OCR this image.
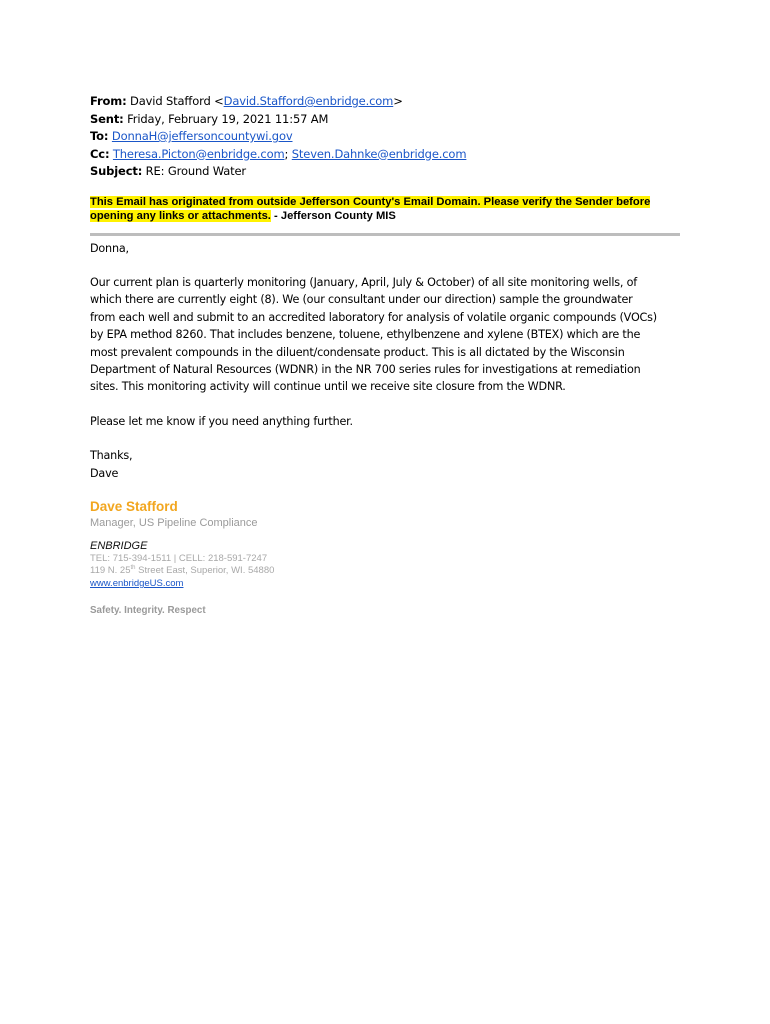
From: David Stafford <David.Stafford@enbridge.com>
Sent: Friday, February 19, 2021 11:57 AM
To: DonnaH@jeffersoncountywi.gov
Cc: Theresa.Picton@enbridge.com; Steven.Dahnke@enbridge.com
Subject: RE: Ground Water
This Email has originated from outside Jefferson County's Email Domain. Please verify the Sender before opening any links or attachments. - Jefferson County MIS
Donna,
Our current plan is quarterly monitoring (January, April, July & October) of all site monitoring wells, of
which there are currently eight (8). We (our consultant under our direction) sample the groundwater
from each well and submit to an accredited laboratory for analysis of volatile organic compounds (VOCs)
by EPA method 8260. That includes benzene, toluene, ethylbenzene and xylene (BTEX) which are the
most prevalent compounds in the diluent/condensate product. This is all dictated by the Wisconsin
Department of Natural Resources (WDNR) in the NR 700 series rules for investigations at remediation
sites. This monitoring activity will continue until we receive site closure from the WDNR.
Please let me know if you need anything further.
Thanks,
Dave
Dave Stafford
Manager, US Pipeline Compliance
ENBRIDGE
TEL: 715-394-1511 | CELL: 218-591-7247
119 N. 25th Street East, Superior, WI. 54880
www.enbridgeUS.com
Safety. Integrity. Respect
